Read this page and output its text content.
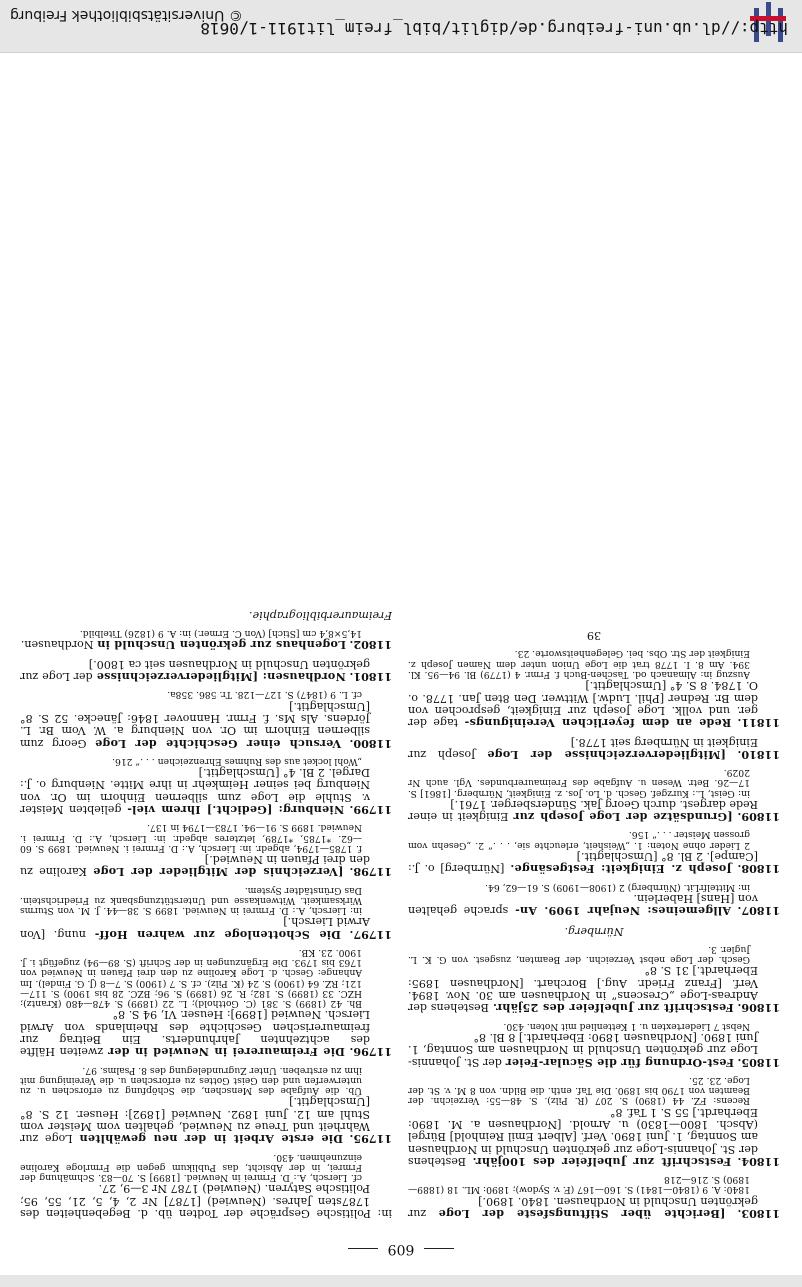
http://dl.ub.uni-freiburg.de/diglit/bibl_freim_lit1911-1/0618
© Universitätsbibliothek Freiburg
609
11803. [Berichte über Stiftungsfeste der Loge zur gekrönten Unschuld in Nordhausen. 1840. 1890.]
1840: A. 9 (1840—1841) S. 160—167 (F. v. Sydow); 1890: ML. 18 (1889—1890) S. 216—218
11804. Festschrift zur Jubelfeier des 100jähr. Bestehens der St. Johannis-Loge zur gekrönten Unschuld in Nordhausen am Sonntag, 1. Juni 1890. Verf. [Albert Emil Reinhold] Bürgel (Absch. 1800—1830) u. Arnold. [Nordhausen a. M. 1890: Eberhardt.] 55 S. 1 Taf. 8°
Recens: FZ. 44 (1890) S. 207 (R. Pilz). S. 48—55: Verzeichn. der Beamten von 1790 bis 1890. Die Taf. enth. die Bildn. von 8 M. v. St. der Loge. 23. 25.
11805. Fest-Ordnung für die Säcular-Feier der St. Johannis-Loge zur gekrönten Unschuld in Nordhausen am Sonntag, 1. Juni 1890. [Nordhausen 1890: Eberhardt.] 8 Bl. 8°
Nebst 7 Liedertexten u. 1 Kettenlied mit Noten. 430.
11806. Festschrift zur Jubelfeier des 25jähr. Bestehens der Andreas-Loge „Crescens“ in Nordhausen am 30. Nov. 1894. Verf. [Franz Friedr. Aug.] Borchart. [Nordhausen 1895: Eberhardt.] 31 S. 8°
Gesch. der Loge nebst Verzeichn. der Beamten, zusgest. von G. K. L. Jugler. 3.
Nürnberg.
11807. Allgemeines: Neujahr 1909. An- sprache gehalten von [Hans] Haberlein.
in: MittelfrLit. (Nürnberg) 2 (1908—1909) S. 61—62, 64.
11808. Joseph z. Einigkeit: Festgesänge. [Nürnberg] o. J.: [Campe]. 2 Bl. 8° [Umschlagtit.]
2 Lieder ohne Noten: 1. „Weisheit, erleuchte sie, . . .“ 2. „Gesehn vom grossen Meister . . .“ 156.
11809. [Grundsätze der Loge Joseph zur Einigkeit in einer Rede dargest. durch Georg Jak. Sündersberger. 1761.]
in: Geist, L.: Kurzgef. Gesch. d. Lo. Jos. z. Einigkeit, Nürnberg. [1861] S. 17—26. Betr. Wesen u. Aufgabe des Freimaurerbundes. Vgl. auch Nr 2029.
11810. [Mitgliederverzeichnisse der Loge Joseph zur Einigkeit in Nürnberg seit 1778.]
11811. Rede an dem feyerlichen Vereinigungs- tage der ger. und vollk. Loge Joseph zur Einigkeit, gesprochen von dem Br. Redner [Phil. Ludw.] Wittwer. Den 8ten Jan. 1778. o. O. 1784. 8 S. 4° [Umschlagtit.]
Auszug in: Almanach od. Taschen-Buch f. Frmr. 4 (1779) Bl. 94—95. Kl. 394. Am 8. I. 1778 trat die Loge Union unter dem Namen Joseph z. Einigkeit der Str. Obs. bei. Gelegenheitsworte. 23.
39
in: Politische Gespräche der Todten üb. d. Begebenheiten des 1787sten Jahres. (Neuwied) [1787] Nr 2, 4, 5, 21, 55, 95; Politische Satyren. (Neuwied) 1787 Nr 3—9, 27.
cf. Liersch, A.: D. Frmrei in Neuwied. [1899] S. 70—83. Schmähung der Frmrei, in der Absicht, das Publikum gegen die Frmrloge Karoline einzunehmen. 430.
11795. Die erste Arbeit in der neu gewählten Loge zur Wahrheit und Treue zu Neuwied, gehalten vom Meister vom Stuhl am 12. Juni 1892. Neuwied [1892]: Heuser. 12 S. 8° [Umschlagtit.]
Üb. die Aufgabe des Menschen, die Schöpfung zu erforschen u. zu unterwerfen und den Geist Gottes zu erforschen u. die Vereinigung mit ihm zu erstreben. Unter Zugrundelegung des 8. Psalms. 97.
11796. Die Freimaurerei in Neuwied in der zweiten Hälfte des achtzehnten Jahrhunderts. Ein Beitrag zur freimaurerischen Geschichte des Rheinlands von Arwid Liersch. Neuwied [1899]: Heuser. VI, 94 S. 8°
Bh. 42 (1899) S. 381 (C. Gotthold); L. 22 (1899) S. 478—480 (Krantz); HZC. 33 (1899) S. 182; R. 26 (1899) S. 96; BZC. 28 bis 1900) S. 117—121; RZ. 64 (1900) S. 24 (K. Pilz). cf. S. 7 (1900) S. 7—8 (J. G. Findel). Im Anhange: Gesch. d. Loge Karoline zu den drei Pfauen in Neuwied von 1763 bis 1793. Die Ergänzungen in der Schrift (S. 89—94) zugefügt i. J. 1900. 23. KB.
11797. Die Schottenloge zur wahren Hoff- nung. [Von Arwid Liersch.]
in: Liersch, A.: D. Frmrei in Neuwied. 1899 S. 38—44. J. M. von Sturms Wirksamkeit. Witwenkasse und Unterstützungsbank zu Friedrichstein. Das Grünstädter System.
11798. [Verzeichnis der Mitglieder der Loge Karoline zu den drei Pfauen in Neuwied.]
f. 1785—1794, abgedr. in: Liersch, A.: D. Frmrei i. Neuwied. 1899 S. 60—62. *1785, *1789, letzteres abgedr. in: Liersch, A.: D. Frmrei i. Neuwied. 1899 S. 91—94. 1783—1794 in 137.
11799. Nienburg: [Gedicht.] Ihrem viel- geliebten Meister v. Stuhle die Loge zum silbernen Einhorn im Or. von Nienburg bei seiner Heimkehr in ihre Mitte. Nienburg o. J.: Dargel. 2 Bl. 4° [Umschlagtit.]
„Wohl locket aus des Ruhmes Ehrenzeichen . . .“ 216.
11800. Versuch einer Geschichte der Loge Georg zum silbernen Einhorn im Or. von Nienburg a. W. Vom Br. L. Jördens. Als Ms. f. Frmr. Hannover 1846: Jänecke. 52 S. 8° [Umschlagtit.]
cf. L. 9 (1847) S. 127—128. Tr. 586. 358a.
11801. Nordhausen: [Mitgliederverzeichnisse der Loge zur gekrönten Unschuld in Nordhausen seit ca 1800.]
11802. Logenhaus zur gekrönten Unschuld in Nordhausen.
14,5×8,4 cm [Stich] (Von C. Ermer.) in: A. 9 (1826) Titelbild.
Freimaurerbibliographie.
